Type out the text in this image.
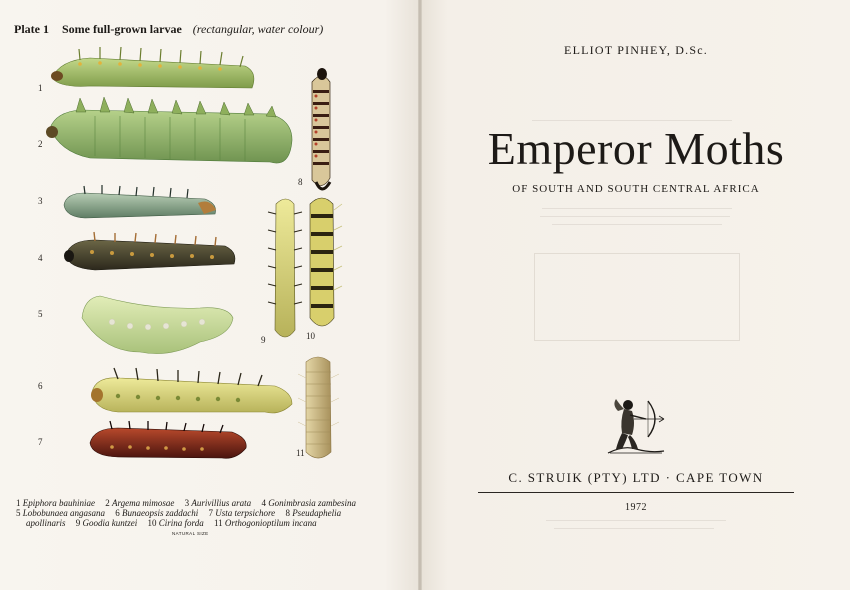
Plate 1 Some full-grown larvae (rectangular, water colour)
1
2
3
4
5
6
7
8
9	10
11
1 Epiphora bauhiniae 2 Argema mimosae 3 Aurivillius arata 4 Gonimbrasia zambesina
5 Lobobunaea angasana 6 Bunaeopsis zaddachi 7 Usta terpsichore 8 Pseudaphelia
apollinaris 9 Goodia kuntzei 10 Cirina forda 11 Orthogonioptilum incana
NATURAL SIZE
ELLIOT PINHEY, D.Sc.
Emperor Moths
OF SOUTH AND SOUTH CENTRAL AFRICA
C. STRUIK (PTY) LTD · CAPE TOWN
1972
